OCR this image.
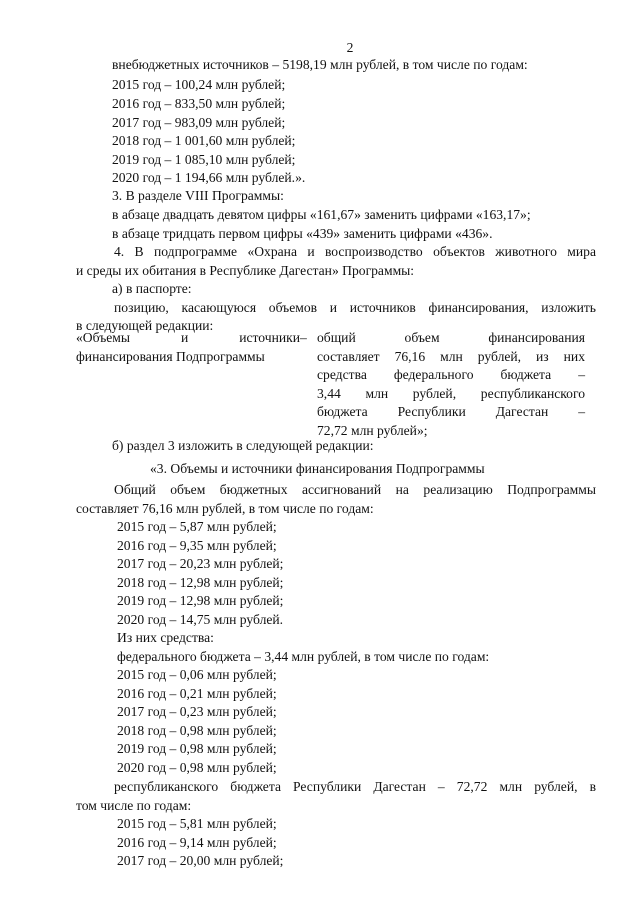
2
внебюджетных источников – 5198,19 млн рублей, в том числе по годам:
2015 год – 100,24 млн рублей;
2016 год – 833,50 млн рублей;
2017 год – 983,09 млн рублей;
2018 год – 1 001,60 млн рублей;
2019 год – 1 085,10 млн рублей;
2020 год – 1 194,66 млн рублей.».
3. В разделе VIII Программы:
в абзаце двадцать девятом цифры «161,67» заменить цифрами «163,17»;
в абзаце тридцать первом цифры «439» заменить цифрами «436».
4. В подпрограмме «Охрана и воспроизводство объектов животного мира
и среды их обитания в Республике Дагестан» Программы:
а) в паспорте:
позицию, касающуюся объемов и источников финансирования, изложить
в следующей редакции:
«Объемы	и	источники
финансирования Подпрограммы
– общий объем финансирования
составляет 76,16 млн рублей, из них
средства федерального бюджета –
3,44 млн рублей, республиканского
бюджета Республики Дагестан –
72,72 млн рублей»;
б) раздел 3 изложить в следующей редакции:
«3. Объемы и источники финансирования Подпрограммы
Общий объем бюджетных ассигнований на реализацию Подпрограммы
составляет 76,16 млн рублей, в том числе по годам:
2015 год – 5,87 млн рублей;
2016 год – 9,35 млн рублей;
2017 год – 20,23 млн рублей;
2018 год – 12,98 млн рублей;
2019 год – 12,98 млн рублей;
2020 год – 14,75 млн рублей.
Из них средства:
федерального бюджета – 3,44 млн рублей, в том числе по годам:
2015 год – 0,06 млн рублей;
2016 год – 0,21 млн рублей;
2017 год – 0,23 млн рублей;
2018 год – 0,98 млн рублей;
2019 год – 0,98 млн рублей;
2020 год – 0,98 млн рублей;
республиканского бюджета Республики Дагестан – 72,72 млн рублей, в
том числе по годам:
2015 год – 5,81 млн рублей;
2016 год – 9,14 млн рублей;
2017 год – 20,00 млн рублей;
